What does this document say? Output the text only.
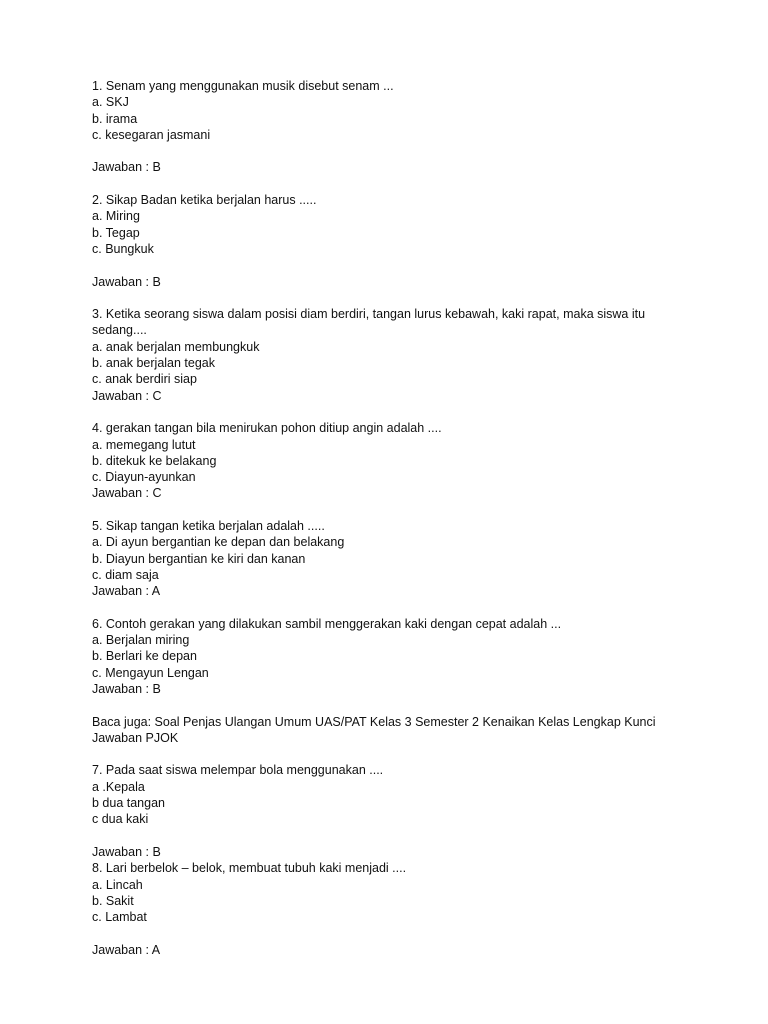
1. Senam yang menggunakan musik disebut senam ...
a. SKJ
b. irama
c. kesegaran jasmani
Jawaban : B
2. Sikap Badan ketika berjalan harus .....
a. Miring
b. Tegap
c. Bungkuk
Jawaban : B
3. Ketika seorang siswa dalam posisi diam berdiri, tangan lurus kebawah, kaki rapat, maka siswa itu
sedang....
a. anak berjalan membungkuk
b. anak berjalan tegak
c. anak berdiri siap
Jawaban : C
4. gerakan tangan bila menirukan pohon ditiup angin adalah ....
a. memegang lutut
b. ditekuk ke belakang
c. Diayun-ayunkan
Jawaban : C
5. Sikap tangan ketika berjalan adalah .....
a. Di ayun bergantian ke depan dan belakang
b. Diayun bergantian ke kiri dan kanan
c. diam saja
Jawaban : A
6. Contoh gerakan yang dilakukan sambil menggerakan kaki dengan cepat adalah ...
a. Berjalan miring
b. Berlari ke depan
c. Mengayun Lengan
Jawaban : B
Baca juga: Soal Penjas Ulangan Umum UAS/PAT Kelas 3 Semester 2 Kenaikan Kelas Lengkap Kunci
Jawaban PJOK
7. Pada saat siswa melempar bola menggunakan ....
a .Kepala
b dua tangan
c dua kaki
Jawaban : B
8. Lari berbelok – belok, membuat tubuh kaki menjadi ....
a. Lincah
b. Sakit
c. Lambat
Jawaban : A
